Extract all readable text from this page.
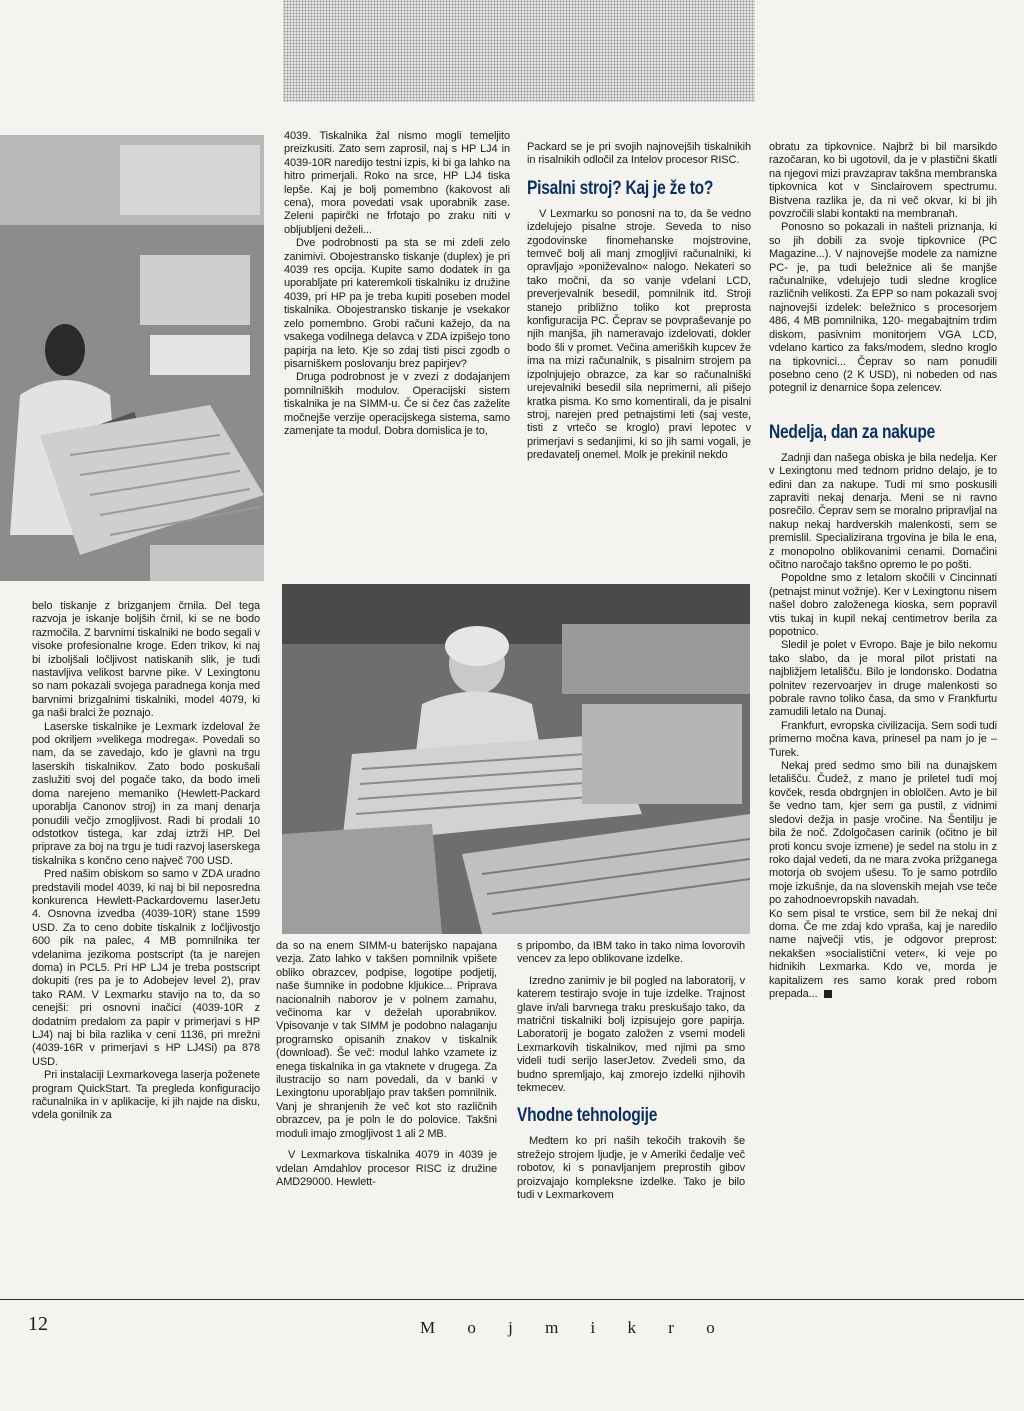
belo tiskanje z brizganjem črnila. Del tega razvoja je iskanje boljših črnil, ki se ne bodo razmočila. Z barvnimi tiskalniki ne bodo segali v visoke profesionalne kroge. Eden trikov, ki naj bi izboljšali ločljivost natiskanih slik, je tudi nastavljiva velikost barvne pike. V Lexingtonu so nam pokazali svojega paradnega konja med barvnimi brizgalnimi tiskalniki, model 4079, ki ga naši bralci že poznajo.

Laserske tiskalnike je Lexmark izdeloval že pod okriljem »velikega modrega«. Povedali so nam, da se zavedajo, kdo je glavni na trgu laserskih tiskalnikov. Zato bodo poskušali zaslužiti svoj del pogače tako, da bodo imeli doma narejeno memaniko (Hewlett-Packard uporablja Canonov stroj) in za manj denarja ponudili večjo zmogljivost. Radi bi prodali 10 odstotkov tistega, kar zdaj iztrži HP. Del priprave za boj na trgu je tudi razvoj laserskega tiskalnika s končno ceno največ 700 USD.

Pred našim obiskom so samo v ZDA uradno predstavili model 4039, ki naj bi bil neposredna konkurenca Hewlett-Packardovemu laserJetu 4. Osnovna izvedba (4039-10R) stane 1599 USD. Za to ceno dobite tiskalnik z ločljivostjo 600 pik na palec, 4 MB pomnilnika ter vdelanima jezikoma postscript (ta je narejen doma) in PCL5. Pri HP LJ4 je treba postscript dokupiti (res pa je to Adobejev level 2), prav tako RAM. V Lexmarku stavijo na to, da so cenejši: pri osnovni inačici (4039-10R z dodatnim predalom za papir v primerjavi s HP LJ4) naj bi bila razlika v ceni 1136, pri mrežni (4039-16R v primerjavi s HP LJ4Si) pa 878 USD.

Pri instalaciji Lexmarkovega laserja poženete program QuickStart. Ta pregleda konfiguracijo računalnika in v aplikacije, ki jih najde na disku, vdela gonilnik za

4039. Tiskalnika žal nismo mogli temeljito preizkusiti. Zato sem zaprosil, naj s HP LJ4 in 4039-10R naredijo testni izpis, ki bi ga lahko na hitro primerjali. Roko na srce, HP LJ4 tiska lepše. Kaj je bolj pomembno (kakovost ali cena), mora povedati vsak uporabnik zase. Zeleni papirčki ne frfotajo po zraku niti v obljubljeni deželi...

Dve podrobnosti pa sta se mi zdeli zelo zanimivi. Obojestransko tiskanje (duplex) je pri 4039 res opcija. Kupite samo dodatek in ga uporabljate pri kateremkoli tiskalniku iz družine 4039, pri HP pa je treba kupiti poseben model tiskalnika. Obojestransko tiskanje je vsekakor zelo pomembno. Grobi računi kažejo, da na vsakega vodilnega delavca v ZDA izpišejo tono papirja na leto. Kje so zdaj tisti pisci zgodb o pisarniškem poslovanju brez papirjev?

Druga podrobnost je v zvezi z dodajanjem pomnilniških modulov. Operacijski sistem tiskalnika je na SIMM-u. Če si čez čas zaželite močnejše verzije operacijskega sistema, samo zamenjate ta modul. Dobra domislica je to,

Packard se je pri svojih najnovejših tiskalnikih in risalnikih odločil za Intelov procesor RISC.

Pisalni stroj? Kaj je že to?

V Lexmarku so ponosni na to, da še vedno izdelujejo pisalne stroje. Seveda to niso zgodovinske finomehanske mojstrovine, temveč bolj ali manj zmogljivi računalniki, ki opravljajo »poniževalno« nalogo. Nekateri so tako močni, da so vanje vdelani LCD, preverjevalnik besedil, pomnilnik itd. Stroji stanejo približno toliko kot preprosta konfiguracija PC. Čeprav se povpraševanje po njih manjša, jih nameravajo izdelovati, dokler bodo šli v promet. Večina ameriških kupcev že ima na mizi računalnik, s pisalnim strojem pa izpolnjujejo obrazce, za kar so računalniški urejevalniki besedil sila neprimerni, ali pišejo kratka pisma. Ko smo komentirali, da je pisalni stroj, narejen pred petnajstimi leti (saj veste, tisti z vrtečo se kroglo) pravi lepotec v primerjavi s sedanjimi, ki so jih sami vogali, je predavatelj onemel. Molk je prekinil nekdo

obratu za tipkovnice. Najbrž bi bil marsikdo razočaran, ko bi ugotovil, da je v plastični škatli na njegovi mizi pravzaprav takšna membranska tipkovnica kot v Sinclairovem spectrumu. Bistvena razlika je, da ni več okvar, ki bi jih povzročili slabi kontakti na membranah.

Ponosno so pokazali in našteli priznanja, ki so jih dobili za svoje tipkovnice (PC Magazine...). V najnovejše modele za namizne PC- je, pa tudi beležnice ali še manjše računalnike, vdelujejo tudi sledne kroglice različnih velikosti. Za EPP so nam pokazali svoj najnovejši izdelek: beležnico s procesorjem 486, 4 MB pomnilnika, 120- megabajtnim trdim diskom, pasivnim monitorjem VGA LCD, vdelano kartico za faks/modem, sledno kroglo na tipkovnici... Čeprav so nam ponudili posebno ceno (2 K USD), ni nobeden od nas potegnil iz denarnice šopa zelencev.

Nedelja, dan za nakupe

Zadnji dan našega obiska je bila nedelja. Ker v Lexingtonu med tednom pridno delajo, je to edini dan za nakupe. Tudi mi smo poskusili zapraviti nekaj denarja. Meni se ni ravno posrečilo. Čeprav sem se moralno pripravljal na nakup nekaj hardverskih malenkosti, sem se premislil. Specializirana trgovina je bila le ena, z monopolno oblikovanimi cenami. Domačini očitno naročajo takšno opremo le po pošti.

Popoldne smo z letalom skočili v Cincinnati (petnajst minut vožnje). Ker v Lexingtonu nisem našel dobro založenega kioska, sem popravil vtis tukaj in kupil nekaj centimetrov berila za popotnico.

Sledil je polet v Evropo. Baje je bilo nekomu tako slabo, da je moral pilot pristati na najbližjem letališču. Bilo je londonsko. Dodatna polnitev rezervoarjev in druge malenkosti so pobrale ravno toliko časa, da smo v Frankfurtu zamudili letalo na Dunaj.

Frankfurt, evropska civilizacija. Sem sodi tudi primerno močna kava, prinesel pa nam jo je – Turek.

Nekaj pred sedmo smo bili na dunajskem letališču. Čudež, z mano je priletel tudi moj kovček, resda obdrgnjen in oblolčen. Avto je bil še vedno tam, kjer sem ga pustil, z vidnimi sledovi dežja in pasje vročine. Na Šentilju je bila že noč. Zdolgočasen carinik (očitno je bil proti koncu svoje izmene) je sedel na stolu in z roko dajal vedeti, da ne mara zvoka prižganega motorja ob svojem ušesu. To je samo potrdilo moje izkušnje, da na slovenskih mejah vse teče po zahodnoevropskih navadah.

Ko sem pisal te vrstice, sem bil že nekaj dni doma. Če me zdaj kdo vpraša, kaj je naredilo name največji vtis, je odgovor preprost: nekakšen »socialistični veter«, ki veje po hidnikih Lexmarka. Kdo ve, morda je kapitalizem res samo korak pred robom prepada...

da so na enem SIMM-u baterijsko napajana vezja. Zato lahko v takšen pomnilnik vpišete obliko obrazcev, podpise, logotipe podjetij, naše šumnike in podobne kljukice... Priprava nacionalnih naborov je v polnem zamahu, večinoma kar v deželah uporabnikov. Vpisovanje v tak SIMM je podobno nalaganju programsko opisanih znakov v tiskalnik (download). Še več: modul lahko vzamete iz enega tiskalnika in ga vtaknete v drugega. Za ilustracijo so nam povedali, da v banki v Lexingtonu uporabljajo prav takšen pomnilnik. Vanj je shranjenih že več kot sto različnih obrazcev, pa je poln le do polovice. Takšni moduli imajo zmogljivost 1 ali 2 MB.

V Lexmarkova tiskalnika 4079 in 4039 je vdelan Amdahlov procesor RISC iz družine AMD29000. Hewlett-

s pripombo, da IBM tako in tako nima lovorovih vencev za lepo oblikovane izdelke.

Izredno zanimiv je bil pogled na laboratorij, v katerem testirajo svoje in tuje izdelke. Trajnost glave in/ali barvnega traku preskušajo tako, da matrični tiskalniki bolj izpisujejo gore papirja. Laboratorij je bogato založen z vsemi modeli Lexmarkovih tiskalnikov, med njimi pa smo videli tudi serijo laserJetov. Zvedeli smo, da budno spremljajo, kaj zmorejo izdelki njihovih tekmecev.

Vhodne tehnologije

Medtem ko pri naših tekočih trakovih še strežejo strojem ljudje, je v Ameriki čedalje več robotov, ki s ponavljanjem preprostih gibov proizvajajo kompleksne izdelke. Tako je bilo tudi v Lexmarkovem

12	M o j m i k r o
